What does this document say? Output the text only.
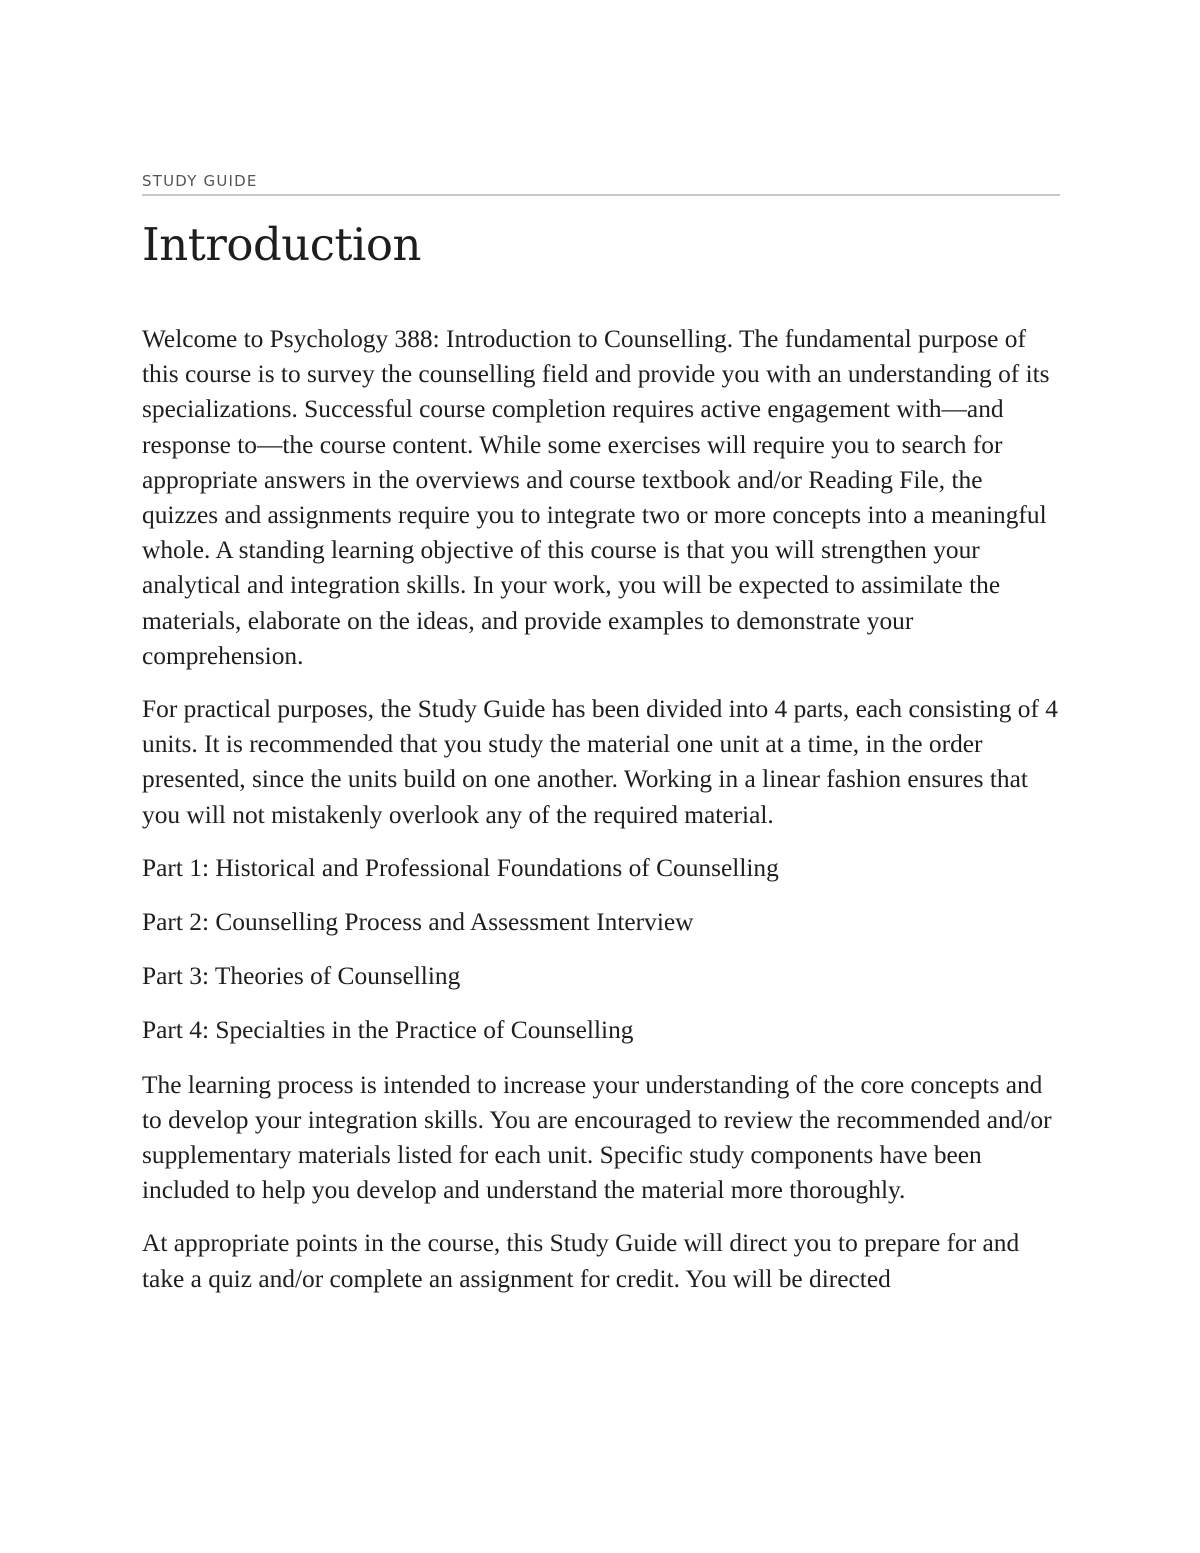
STUDY GUIDE
Introduction

Welcome to Psychology 388: Introduction to Counselling. The fundamental purpose of this course is to survey the counselling field and provide you with an understanding of its specializations. Successful course completion requires active engagement with—and response to—the course content. While some exercises will require you to search for appropriate answers in the overviews and course textbook and/or Reading File, the quizzes and assignments require you to integrate two or more concepts into a meaningful whole. A standing learning objective of this course is that you will strengthen your analytical and integration skills. In your work, you will be expected to assimilate the materials, elaborate on the ideas, and provide examples to demonstrate your comprehension.

For practical purposes, the Study Guide has been divided into 4 parts, each consisting of 4 units. It is recommended that you study the material one unit at a time, in the order presented, since the units build on one another. Working in a linear fashion ensures that you will not mistakenly overlook any of the required material.

Part 1: Historical and Professional Foundations of Counselling

Part 2: Counselling Process and Assessment Interview

Part 3: Theories of Counselling

Part 4: Specialties in the Practice of Counselling

The learning process is intended to increase your understanding of the core concepts and to develop your integration skills. You are encouraged to review the recommended and/or supplementary materials listed for each unit. Specific study components have been included to help you develop and understand the material more thoroughly.

At appropriate points in the course, this Study Guide will direct you to prepare for and take a quiz and/or complete an assignment for credit. You will be directed
